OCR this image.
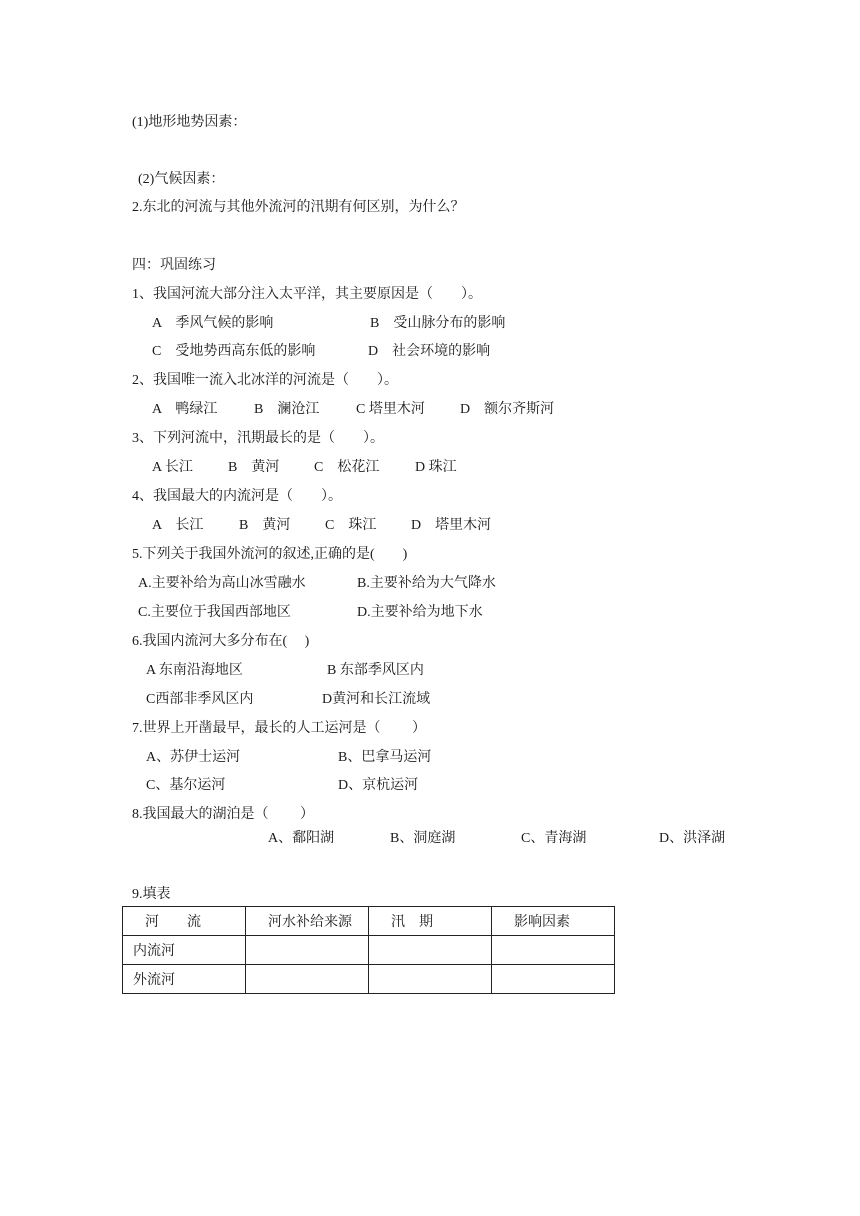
(1)地形地势因素：
(2)气候因素：
2.东北的河流与其他外流河的汛期有何区别，为什么？
四：巩固练习
1、我国河流大部分注入太平洋，其主要原因是（　　）。
A　季风气候的影响	B　受山脉分布的影响
C　受地势西高东低的影响	D　社会环境的影响
2、我国唯一流入北冰洋的河流是（　　）。
A　鸭绿江	B　澜沧江	C 塔里木河	D　额尔齐斯河
3、下列河流中，汛期最长的是（　　）。
A 长江	B　黄河 C　松花江	D 珠江
4、我国最大的内流河是（　　）。
A　长江	B　黄河 C　珠江 D　塔里木河
5.下列关于我国外流河的叙述,正确的是(　　)
A.主要补给为高山冰雪融水	B.主要补给为大气降水
C.主要位于我国西部地区	D.主要补给为地下水
6.我国内流河大多分布在(　 )
A 东南沿海地区	B 东部季风区内
C西部非季风区内	D黄河和长江流域
7.世界上开凿最早，最长的人工运河是（　　 ）
A、苏伊士运河	B、巴拿马运河
C、基尔运河	D、京杭运河
8.我国最大的湖泊是（　　 ）
A、鄱阳湖	B、洞庭湖	C、青海湖	D、洪泽湖
9.填表
河　　流	河水补给来源	汛　期	影响因素

内流河			

外流河			
